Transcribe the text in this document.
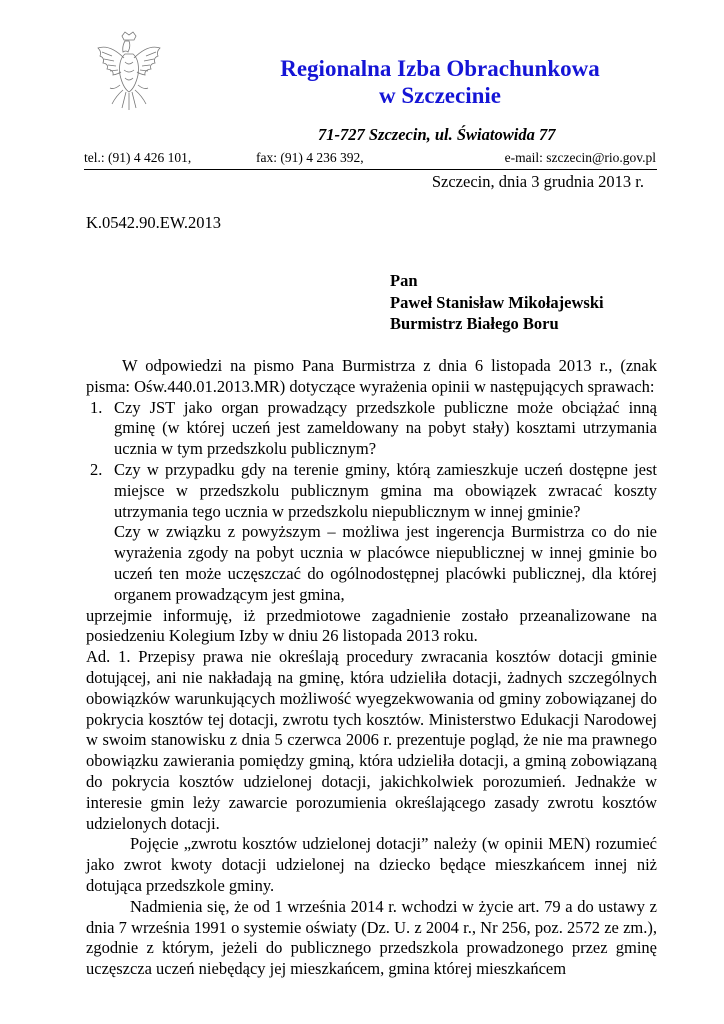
Regionalna Izba Obrachunkowa
w Szczecinie
71-727 Szczecin, ul. Światowida 77
tel.: (91) 4 426 101,	fax: (91) 4 236 392,	e-mail: szczecin@rio.gov.pl
Szczecin, dnia 3 grudnia 2013 r.
K.0542.90.EW.2013
Pan
Paweł Stanisław Mikołajewski
Burmistrz Białego Boru

W odpowiedzi na pismo Pana Burmistrza z dnia 6 listopada 2013 r., (znak pisma: Ośw.440.01.2013.MR) dotyczące wyrażenia opinii w następujących sprawach:

1. Czy JST jako organ prowadzący przedszkole publiczne może obciążać inną gminę (w której uczeń jest zameldowany na pobyt stały) kosztami utrzymania ucznia w tym przedszkolu publicznym?
2. Czy w przypadku gdy na terenie gminy, którą zamieszkuje uczeń dostępne jest miejsce w przedszkolu publicznym gmina ma obowiązek zwracać koszty utrzymania tego ucznia w przedszkolu niepublicznym w innej gminie?

Czy w związku z powyższym – możliwa jest ingerencja Burmistrza co do nie wyrażenia zgody na pobyt ucznia w placówce niepublicznej w innej gminie bo uczeń ten może uczęszczać do ogólnodostępnej placówki publicznej, dla której organem prowadzącym jest gmina,

uprzejmie informuję, iż przedmiotowe zagadnienie zostało przeanalizowane na posiedzeniu Kolegium Izby w dniu 26 listopada 2013 roku.

Ad. 1. Przepisy prawa nie określają procedury zwracania kosztów dotacji gminie dotującej, ani nie nakładają na gminę, która udzieliła dotacji, żadnych szczególnych obowiązków warunkujących możliwość wyegzekwowania od gminy zobowiązanej do pokrycia kosztów tej dotacji, zwrotu tych kosztów. Ministerstwo Edukacji Narodowej w swoim stanowisku z dnia 5 czerwca 2006 r. prezentuje pogląd, że nie ma prawnego obowiązku zawierania pomiędzy gminą, która udzieliła dotacji, a gminą zobowiązaną do pokrycia kosztów udzielonej dotacji, jakichkolwiek porozumień. Jednakże w interesie gmin leży zawarcie porozumienia określającego zasady zwrotu kosztów udzielonych dotacji.

Pojęcie „zwrotu kosztów udzielonej dotacji” należy (w opinii MEN) rozumieć jako zwrot kwoty dotacji udzielonej na dziecko będące mieszkańcem innej niż dotująca przedszkole gminy.

Nadmienia się, że od 1 września 2014 r. wchodzi w życie art. 79 a do ustawy z dnia 7 września 1991 o systemie oświaty (Dz. U. z 2004 r., Nr 256, poz. 2572 ze zm.), zgodnie z którym, jeżeli do publicznego przedszkola prowadzonego przez gminę uczęszcza uczeń niebędący jej mieszkańcem, gmina której mieszkańcem
